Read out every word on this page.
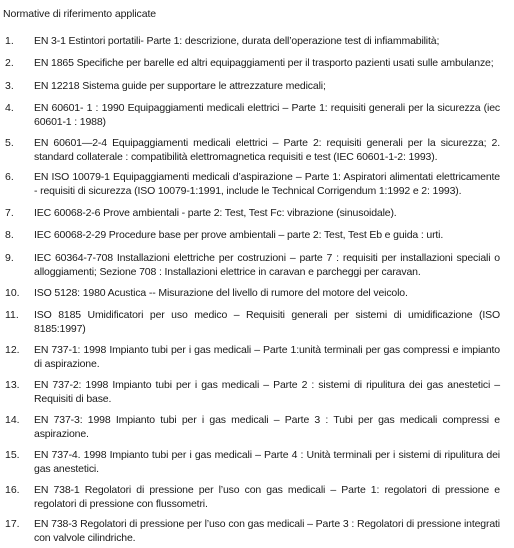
Normative di riferimento applicate
1. EN 3-1 Estintori portatili- Parte 1: descrizione, durata dell’operazione test di infiammabilità;
2. EN 1865 Specifiche per barelle ed altri equipaggiamenti per il trasporto pazienti usati sulle ambulanze;
3. EN 12218 Sistema guide per supportare le attrezzature medicali;
4. EN 60601- 1 : 1990 Equipaggiamenti medicali elettrici – Parte 1: requisiti generali per la sicurezza (iec 60601-1 : 1988)
5. EN 60601—2-4 Equipaggiamenti medicali elettrici – Parte 2: requisiti generali per la sicurezza; 2. standard collaterale : compatibilità elettromagnetica requisiti e test (IEC 60601-1-2: 1993).
6. EN ISO 10079-1 Equipaggiamenti medicali d’aspirazione – Parte 1: Aspiratori alimentati elettricamente - requisiti di sicurezza (ISO 10079-1:1991, include le Technical Corrigendum 1:1992 e 2: 1993).
7. IEC 60068-2-6 Prove ambientali - parte 2: Test, Test Fc: vibrazione (sinusoidale).
8. IEC 60068-2-29 Procedure base per prove ambientali – parte 2: Test, Test Eb e guida : urti.
9. IEC 60364-7-708 Installazioni elettriche per costruzioni – parte 7 : requisiti per installazioni speciali o alloggiamenti; Sezione 708 : Installazioni elettrice in caravan e parcheggi per caravan.
10. ISO 5128: 1980 Acustica -- Misurazione del livello di rumore del motore del veicolo.
11. ISO 8185 Umidificatori per uso medico – Requisiti generali per sistemi di umidificazione (ISO 8185:1997)
12. EN 737-1: 1998 Impianto tubi per i gas medicali – Parte 1:unità terminali per gas compressi e impianto di aspirazione.
13. EN 737-2: 1998 Impianto tubi per i gas medicali – Parte 2 : sistemi di ripulitura dei gas anestetici – Requisiti di base.
14. EN 737-3: 1998 Impianto tubi per i gas medicali – Parte 3 : Tubi per gas medicali compressi e aspirazione.
15. EN 737-4. 1998 Impianto tubi per i gas medicali – Parte 4 : Unità terminali per i sistemi di ripulitura dei gas anestetici.
16. EN 738-1 Regolatori di pressione per l’uso con gas medicali – Parte 1: regolatori di pressione e regolatori di pressione con flussometri.
17. EN 738-3 Regolatori di pressione per l’uso con gas medicali – Parte 3 : Regolatori di pressione integrati con valvole cilindriche.
